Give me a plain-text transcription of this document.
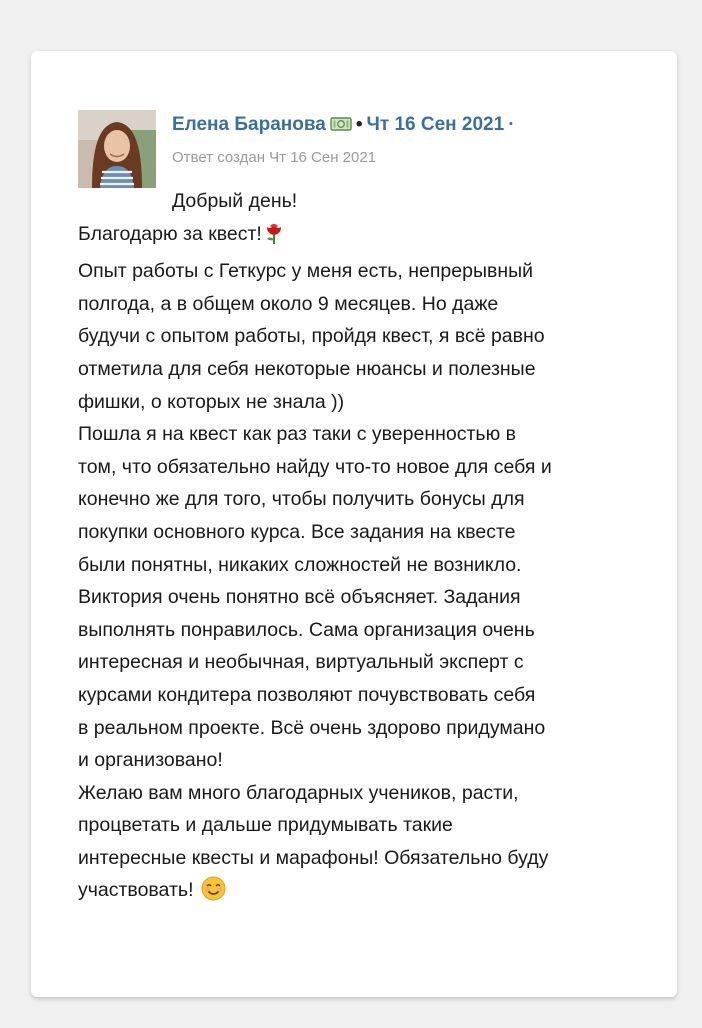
Елена Баранова • Чт 16 Сен 2021 ·
Ответ создан Чт 16 Сен 2021
Добрый день!
Благодарю за квест!
Опыт работы с Геткурс у меня есть, непрерывный
полгода, а в общем около 9 месяцев. Но даже
будучи с опытом работы, пройдя квест, я всё равно
отметила для себя некоторые нюансы и полезные
фишки, о которых не знала ))
Пошла я на квест как раз таки с уверенностью в
том, что обязательно найду что-то новое для себя и
конечно же для того, чтобы получить бонусы для
покупки основного курса. Все задания на квесте
были понятны, никаких сложностей не возникло.
Виктория очень понятно всё объясняет. Задания
выполнять понравилось. Сама организация очень
интересная и необычная, виртуальный эксперт с
курсами кондитера позволяют почувствовать себя
в реальном проекте. Всё очень здорово придумано
и организовано!
Желаю вам много благодарных учеников, расти,
процветать и дальше придумывать такие
интересные квесты и марафоны! Обязательно буду
участвовать!
